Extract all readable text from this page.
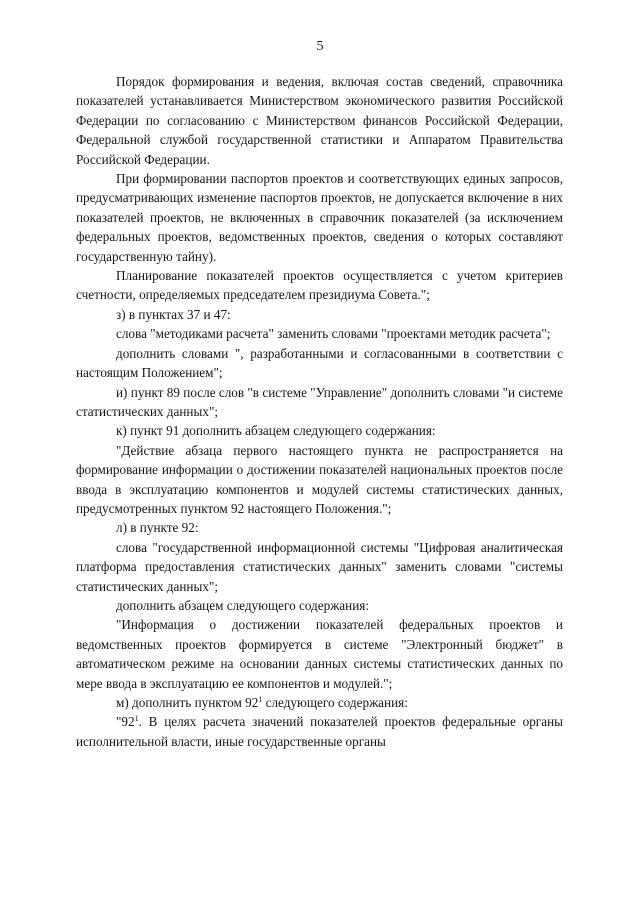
5

Порядок формирования и ведения, включая состав сведений, справочника показателей устанавливается Министерством экономического развития Российской Федерации по согласованию с Министерством финансов Российской Федерации, Федеральной службой государственной статистики и Аппаратом Правительства Российской Федерации.

При формировании паспортов проектов и соответствующих единых запросов, предусматривающих изменение паспортов проектов, не допускается включение в них показателей проектов, не включенных в справочник показателей (за исключением федеральных проектов, ведомственных проектов, сведения о которых составляют государственную тайну).

Планирование показателей проектов осуществляется с учетом критериев счетности, определяемых председателем президиума Совета.";

з) в пунктах 37 и 47:

слова "методиками расчета" заменить словами "проектами методик расчета";

дополнить словами ", разработанными и согласованными в соответствии с настоящим Положением";

и) пункт 89 после слов "в системе "Управление" дополнить словами "и системе статистических данных";

к) пункт 91 дополнить абзацем следующего содержания:

"Действие абзаца первого настоящего пункта не распространяется на формирование информации о достижении показателей национальных проектов после ввода в эксплуатацию компонентов и модулей системы статистических данных, предусмотренных пунктом 92 настоящего Положения.";

л) в пункте 92:

слова "государственной информационной системы "Цифровая аналитическая платформа предоставления статистических данных" заменить словами "системы статистических данных";

дополнить абзацем следующего содержания:

"Информация о достижении показателей федеральных проектов и ведомственных проектов формируется в системе "Электронный бюджет" в автоматическом режиме на основании данных системы статистических данных по мере ввода в эксплуатацию ее компонентов и модулей.";

м) дополнить пунктом $92^1$ следующего содержания:

"$92^1$. В целях расчета значений показателей проектов федеральные органы исполнительной власти, иные государственные органы
